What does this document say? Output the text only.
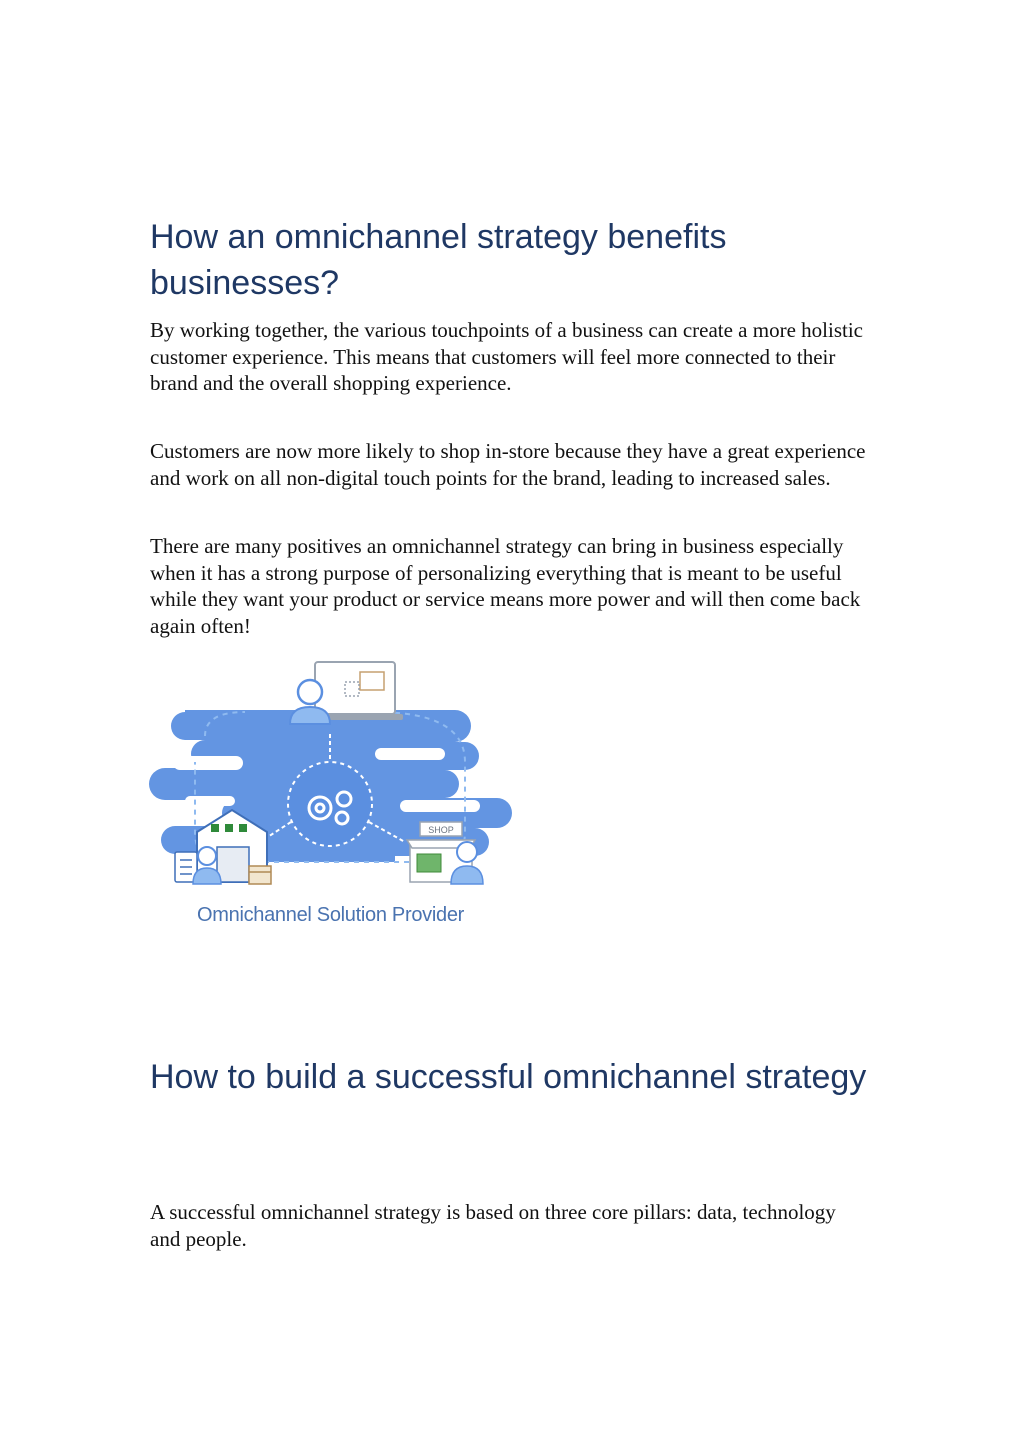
How an omnichannel strategy benefits businesses?

By working together, the various touchpoints of a business can create a more holistic customer experience. This means that customers will feel more connected to their brand and the overall shopping experience.

Customers are now more likely to shop in-store because they have a great experience and work on all non-digital touch points for the brand, leading to increased sales.

There are many positives an omnichannel strategy can bring in business especially when it has a strong purpose of personalizing everything that is meant to be useful while they want your product or service means more power and will then come back again often!

SHOP
Omnichannel Solution Provider
How to build a successful omnichannel strategy

A successful omnichannel strategy is based on three core pillars: data, technology and people.
